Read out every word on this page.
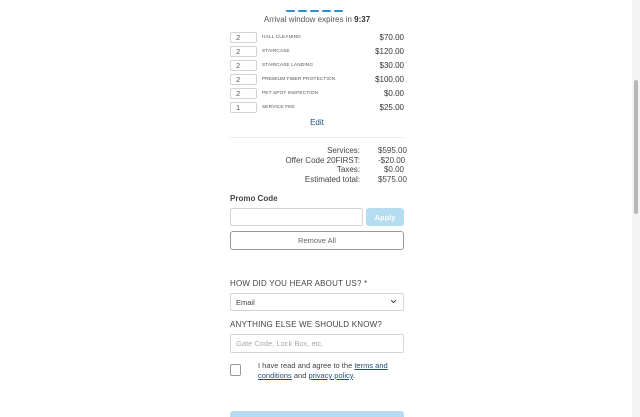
Arrival window expires in 9:37
2	HALL CLEANING	$70.00
2	STAIRCASE	$120.00
2	STAIRCASE LANDING	$30.00
2	PREMIUM FIBER PROTECTION	$100.00
2	PET SPOT INSPECTION	$0.00
1	SERVICE FEE	$25.00
Edit
Services: $595.00
Offer Code 20FIRST: -$20.00
Taxes:	$0.00
Estimated total: $575.00
Promo Code
Apply
Remove All
HOW DID YOU HEAR ABOUT US? *
Email
ANYTHING ELSE WE SHOULD KNOW?
Gate Code, Lock Box, etc.
I have read and agree to the terms and conditions and privacy policy.
